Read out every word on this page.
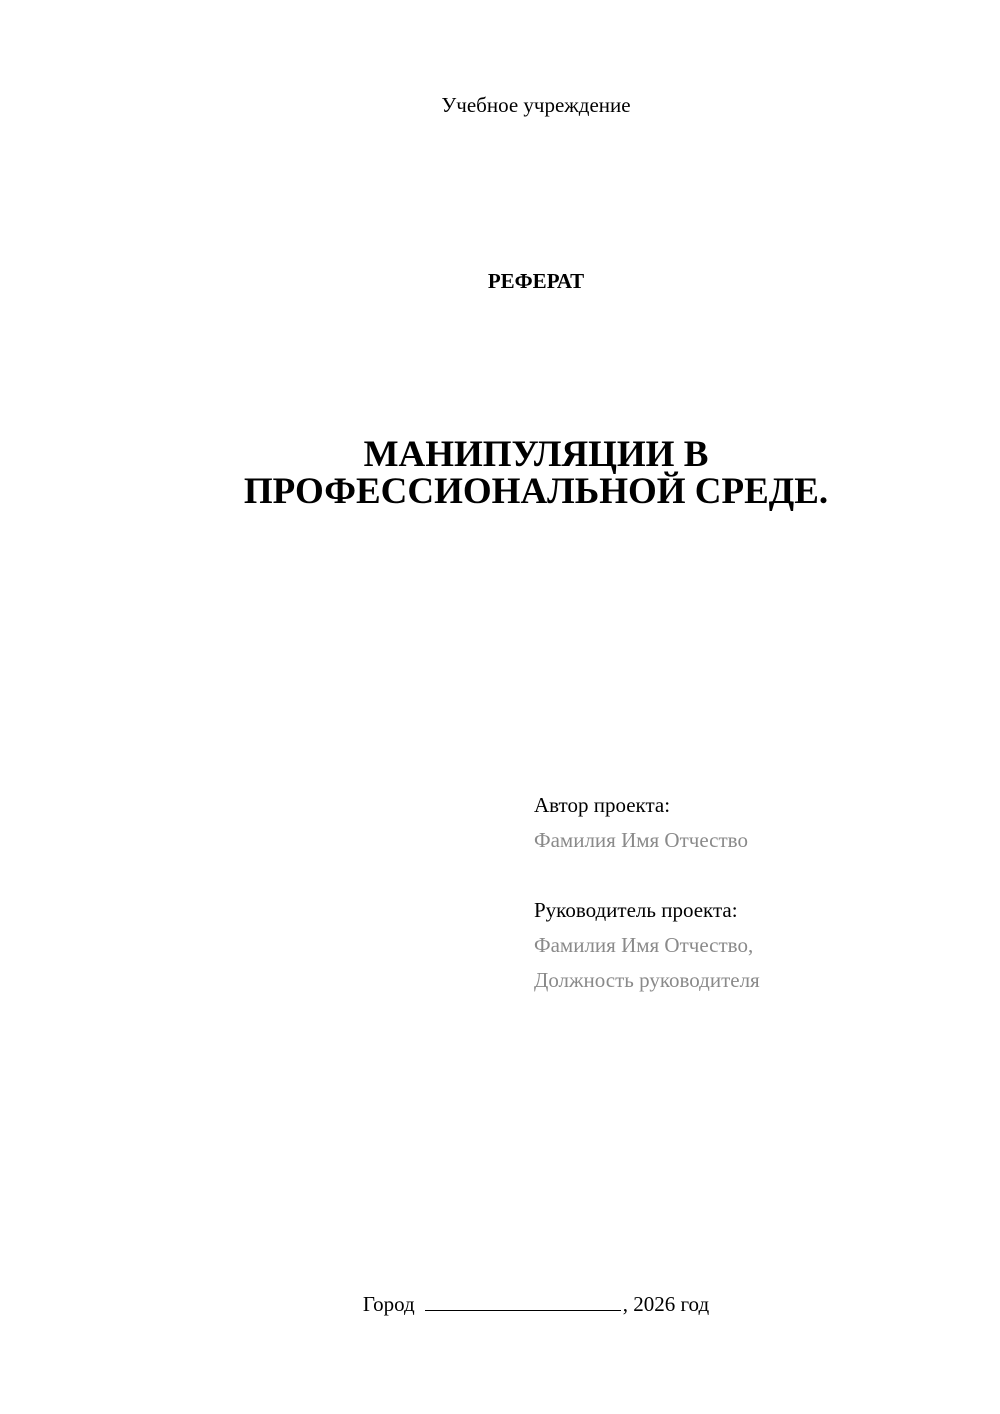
Учебное учреждение
РЕФЕРАТ
МАНИПУЛЯЦИИ В
ПРОФЕССИОНАЛЬНОЙ СРЕДЕ.
Автор проекта:
Фамилия Имя Отчество
Руководитель проекта:
Фамилия Имя Отчество,
Должность руководителя
Город	, 2026 год
